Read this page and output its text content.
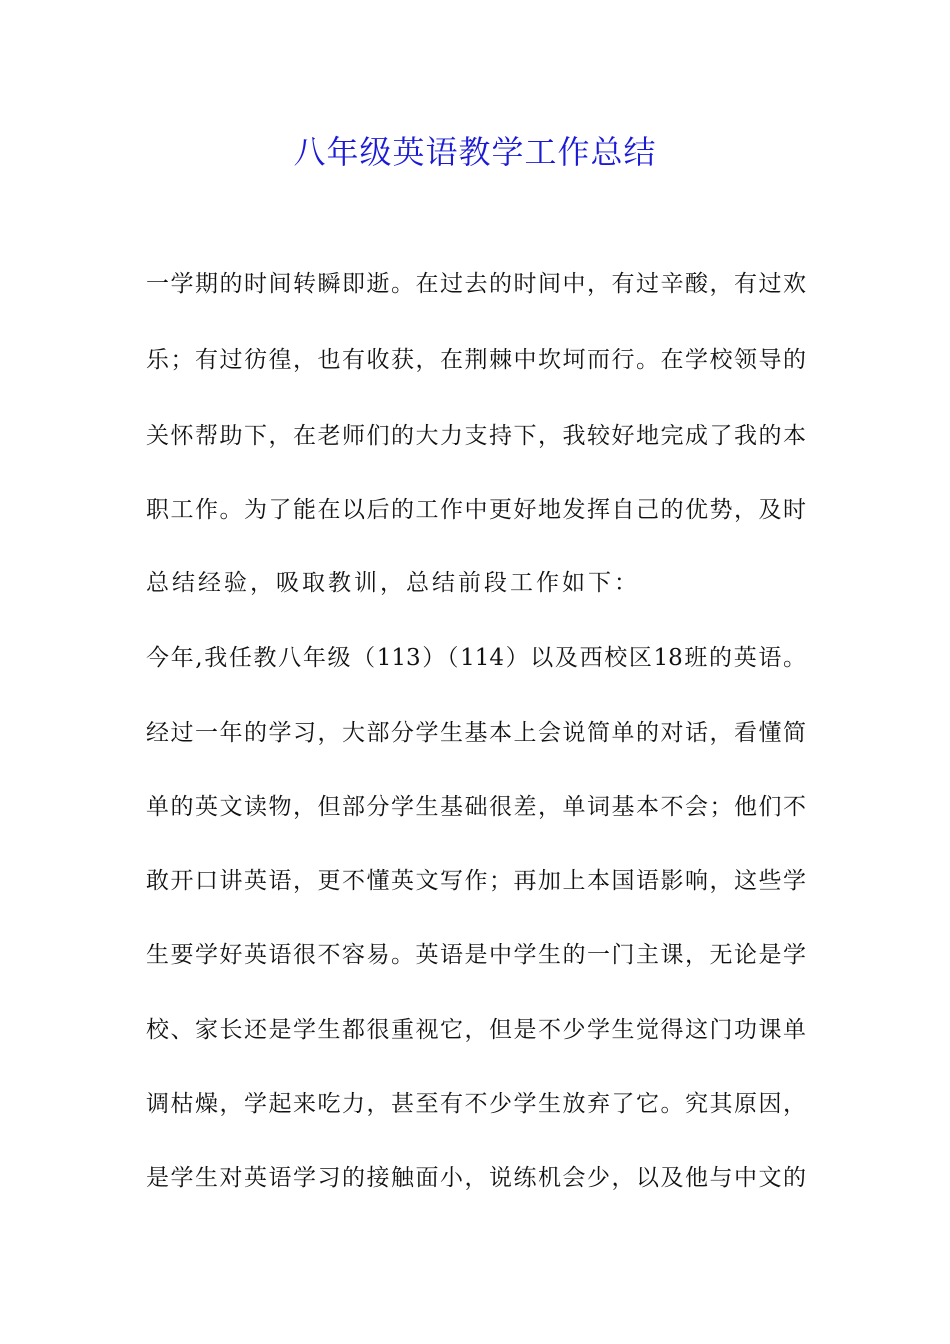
八年级英语教学工作总结
一学期的时间转瞬即逝。在过去的时间中，有过辛酸，有过欢
乐；有过彷徨，也有收获，在荆棘中坎坷而行。在学校领导的
关怀帮助下，在老师们的大力支持下，我较好地完成了我的本
职工作。为了能在以后的工作中更好地发挥自己的优势，及时
总结经验，吸取教训，总结前段工作如下：
今年,我任教八年级（113）（114）以及西校区18班的英语。
经过一年的学习，大部分学生基本上会说简单的对话，看懂简
单的英文读物，但部分学生基础很差，单词基本不会；他们不
敢开口讲英语，更不懂英文写作；再加上本国语影响，这些学
生要学好英语很不容易。英语是中学生的一门主课，无论是学
校、家长还是学生都很重视它，但是不少学生觉得这门功课单
调枯燥，学起来吃力，甚至有不少学生放弃了它。究其原因，
是学生对英语学习的接触面小，说练机会少，以及他与中文的
